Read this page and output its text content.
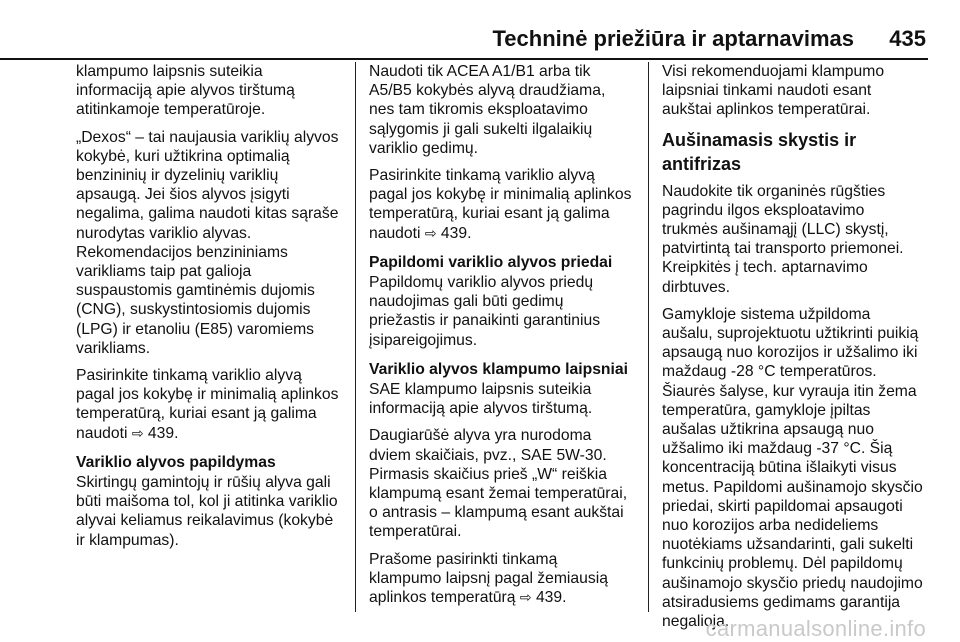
Techninė priežiūra ir aptarnavimas 435

klampumo laipsnis suteikia
informaciją apie alyvos tirštumą
atitinkamoje temperatūroje.

„Dexos“ – tai naujausia variklių alyvos
kokybė, kuri užtikrina optimalią
benzininių ir dyzelinių variklių
apsaugą. Jei šios alyvos įsigyti
negalima, galima naudoti kitas sąraše
nurodytas variklio alyvas.
Rekomendacijos benzininiams
varikliams taip pat galioja
suspaustomis gamtinėmis dujomis
(CNG), suskystintosiomis dujomis
(LPG) ir etanoliu (E85) varomiems
varikliams.

Pasirinkite tinkamą variklio alyvą
pagal jos kokybę ir minimalią aplinkos
temperatūrą, kuriai esant ją galima
naudoti ⇨ 439.

Variklio alyvos papildymas

Skirtingų gamintojų ir rūšių alyva gali
būti maišoma tol, kol ji atitinka variklio
alyvai keliamus reikalavimus (kokybė
ir klampumas).

Naudoti tik ACEA A1/B1 arba tik
A5/B5 kokybės alyvą draudžiama,
nes tam tikromis eksploatavimo
sąlygomis ji gali sukelti ilgalaikių
variklio gedimų.

Pasirinkite tinkamą variklio alyvą
pagal jos kokybę ir minimalią aplinkos
temperatūrą, kuriai esant ją galima
naudoti ⇨ 439.

Papildomi variklio alyvos priedai

Papildomų variklio alyvos priedų
naudojimas gali būti gedimų
priežastis ir panaikinti garantinius
įsipareigojimus.

Variklio alyvos klampumo laipsniai

SAE klampumo laipsnis suteikia
informaciją apie alyvos tirštumą.

Daugiarūšė alyva yra nurodoma
dviem skaičiais, pvz., SAE 5W-30.
Pirmasis skaičius prieš „W“ reiškia
klampumą esant žemai temperatūrai,
o antrasis – klampumą esant aukštai
temperatūrai.

Prašome pasirinkti tinkamą
klampumo laipsnį pagal žemiausią
aplinkos temperatūrą ⇨ 439.

Visi rekomenduojami klampumo
laipsniai tinkami naudoti esant
aukštai aplinkos temperatūrai.

Aušinamasis skystis ir antifrizas

Naudokite tik organinės rūgšties
pagrindu ilgos eksploatavimo
trukmės aušinamąjį (LLC) skystį,
patvirtintą tai transporto priemonei.
Kreipkitės į tech. aptarnavimo
dirbtuves.

Gamykloje sistema užpildoma
aušalu, suprojektuotu užtikrinti puikią
apsaugą nuo korozijos ir užšalimo iki
maždaug -28 °C temperatūros.
Šiaurės šalyse, kur vyrauja itin žema
temperatūra, gamykloje įpiltas
aušalas užtikrina apsaugą nuo
užšalimo iki maždaug -37 °C. Šią
koncentraciją būtina išlaikyti visus
metus. Papildomi aušinamojo skysčio
priedai, skirti papildomai apsaugoti
nuo korozijos arba nedideliems
nuotėkiams užsandarinti, gali sukelti
funkcinių problemų. Dėl papildomų
aušinamojo skysčio priedų naudojimo
atsiradusiems gedimams garantija
negalioja.

carmanualsonline.info
